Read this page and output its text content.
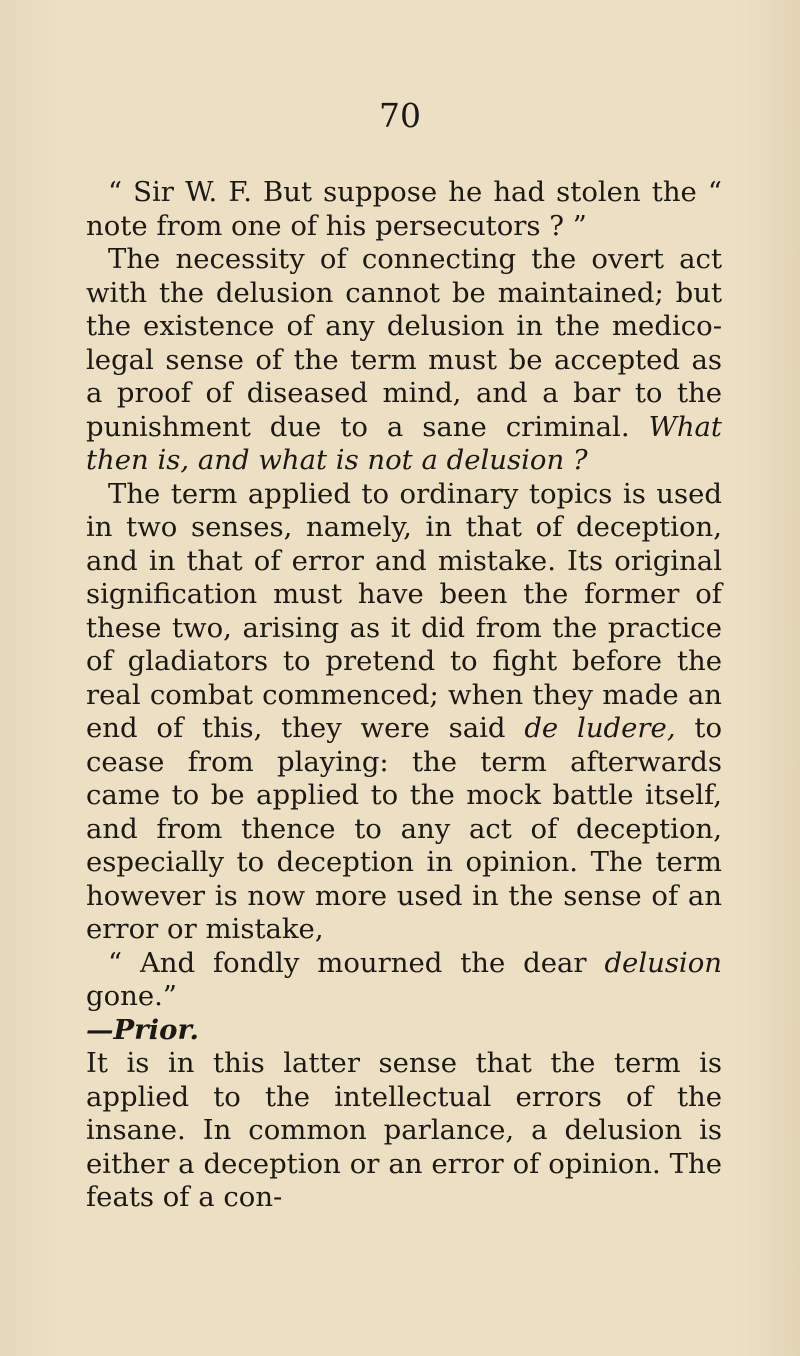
70

“ Sir W. F. But suppose he had stolen the “ note from one of his persecutors ? ”

The necessity of connecting the overt act with the delusion cannot be maintained; but the existence of any delusion in the medico-legal sense of the term must be accepted as a proof of diseased mind, and a bar to the punishment due to a sane criminal. What then is, and what is not a delusion ?

The term applied to ordinary topics is used in two senses, namely, in that of deception, and in that of error and mistake. Its original signification must have been the former of these two, arising as it did from the practice of gladiators to pretend to fight before the real combat commenced; when they made an end of this, they were said de ludere, to cease from playing: the term afterwards came to be applied to the mock battle itself, and from thence to any act of deception, especially to deception in opinion. The term however is now more used in the sense of an error or mistake,

“ And fondly mourned the dear delusion gone.”

—Prior.

It is in this latter sense that the term is applied to the intellectual errors of the insane. In common parlance, a delusion is either a deception or an error of opinion. The feats of a con-
